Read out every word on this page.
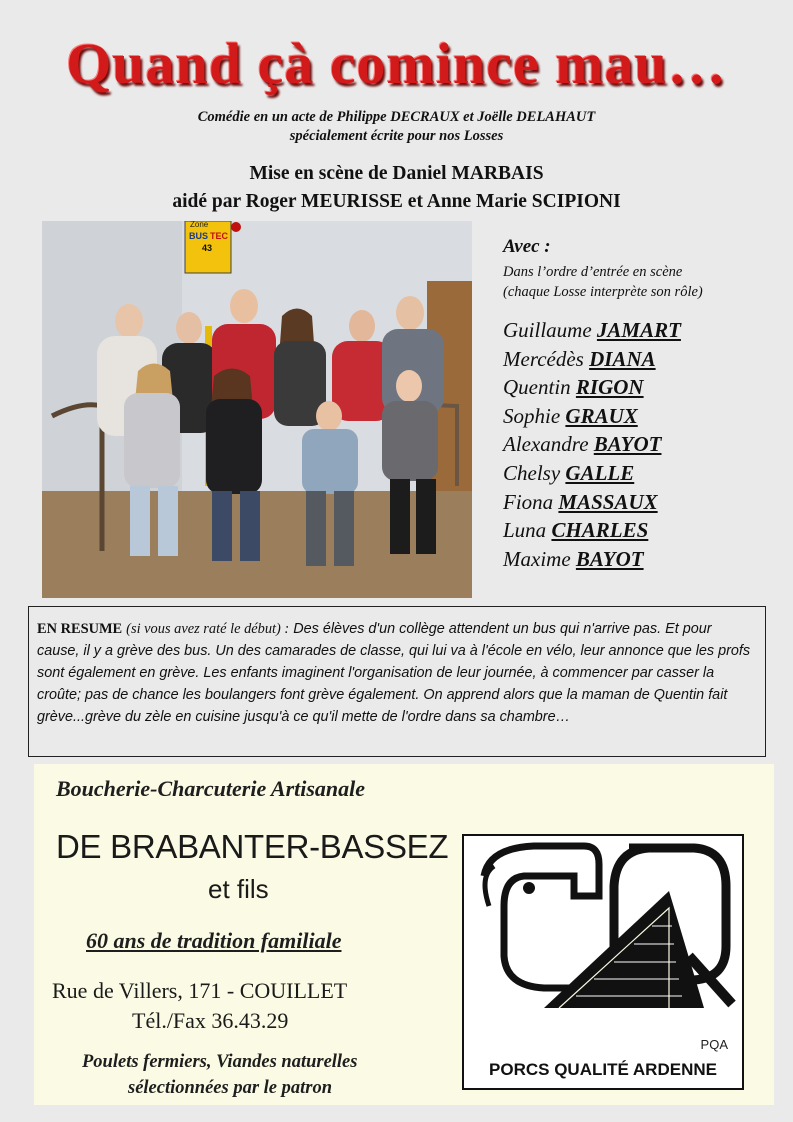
Quand çà comince mau…
Comédie en un acte de Philippe DECRAUX et Joëlle DELAHAUT
spécialement écrite pour nos Losses
Mise en scène de Daniel MARBAIS
aidé par Roger MEURISSE et Anne Marie SCIPIONI
Zone
BUS TEC
43	Avec :
Dans l’ordre d’entrée en scène
(chaque Losse interprète son rôle)
Guillaume JAMART
Mercédès DIANA
Quentin RIGON
Sophie GRAUX
Alexandre BAYOT
Chelsy GALLE
Fiona MASSAUX
Luna CHARLES
Maxime BAYOT

EN RESUME (si vous avez raté le début) : Des élèves d'un collège attendent un bus qui n'arrive pas. Et pour cause, il y a grève des bus. Un des camarades de classe, qui lui va à l'école en vélo, leur annonce que les profs sont également en grève. Les enfants imaginent l'organisation de leur journée, à commencer par casser la croûte; pas de chance les boulangers font grève également. On apprend alors que la maman de Quentin fait grève...grève du zèle en cuisine jusqu'à ce qu'il mette de l'ordre dans sa chambre…

Boucherie-Charcuterie Artisanale
DE BRABANTER-BASSEZ
et fils
60 ans de tradition familiale
Rue de Villers, 171 - COUILLET
Tél./Fax 36.43.29
Poulets fermiers, Viandes naturelles
sélectionnées par le patron
PQA
PORCS QUALITÉ ARDENNE
